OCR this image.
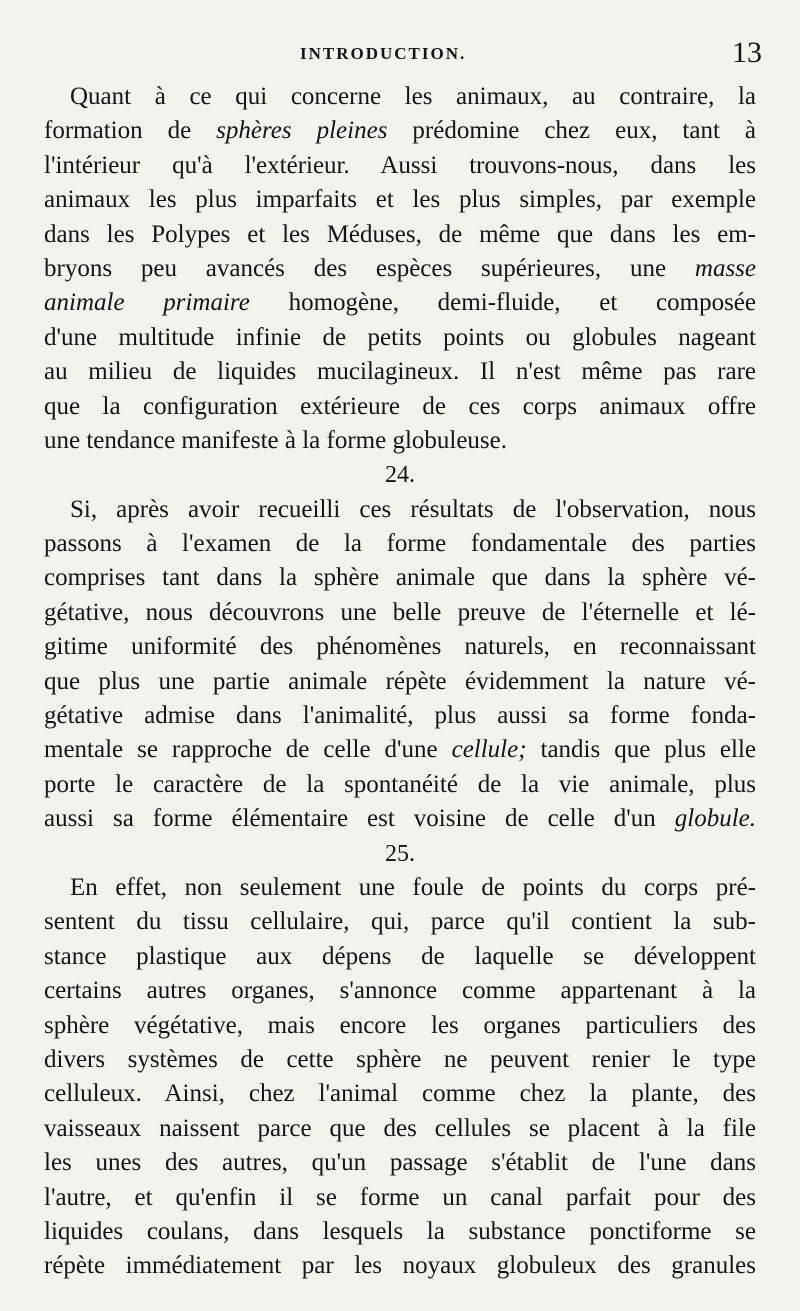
INTRODUCTION.	13
Quant à ce qui concerne les animaux, au contraire, la
formation de sphères pleines prédomine chez eux, tant à
l'intérieur qu'à l'extérieur. Aussi trouvons-nous, dans les
animaux les plus imparfaits et les plus simples, par exemple
dans les Polypes et les Méduses, de même que dans les em-
bryons peu avancés des espèces supérieures, une masse
animale primaire homogène, demi-fluide, et composée
d'une multitude infinie de petits points ou globules nageant
au milieu de liquides mucilagineux. Il n'est même pas rare
que la configuration extérieure de ces corps animaux offre
une tendance manifeste à la forme globuleuse.
24.
Si, après avoir recueilli ces résultats de l'observation, nous
passons à l'examen de la forme fondamentale des parties
comprises tant dans la sphère animale que dans la sphère vé-
gétative, nous découvrons une belle preuve de l'éternelle et lé-
gitime uniformité des phénomènes naturels, en reconnaissant
que plus une partie animale répète évidemment la nature vé-
gétative admise dans l'animalité, plus aussi sa forme fonda-
mentale se rapproche de celle d'une cellule; tandis que plus elle
porte le caractère de la spontanéité de la vie animale, plus
aussi sa forme élémentaire est voisine de celle d'un globule.
25.
En effet, non seulement une foule de points du corps pré-
sentent du tissu cellulaire, qui, parce qu'il contient la sub-
stance plastique aux dépens de laquelle se développent
certains autres organes, s'annonce comme appartenant à la
sphère végétative, mais encore les organes particuliers des
divers systèmes de cette sphère ne peuvent renier le type
celluleux. Ainsi, chez l'animal comme chez la plante, des
vaisseaux naissent parce que des cellules se placent à la file
les unes des autres, qu'un passage s'établit de l'une dans
l'autre, et qu'enfin il se forme un canal parfait pour des
liquides coulans, dans lesquels la substance ponctiforme se
répète immédiatement par les noyaux globuleux des granules
